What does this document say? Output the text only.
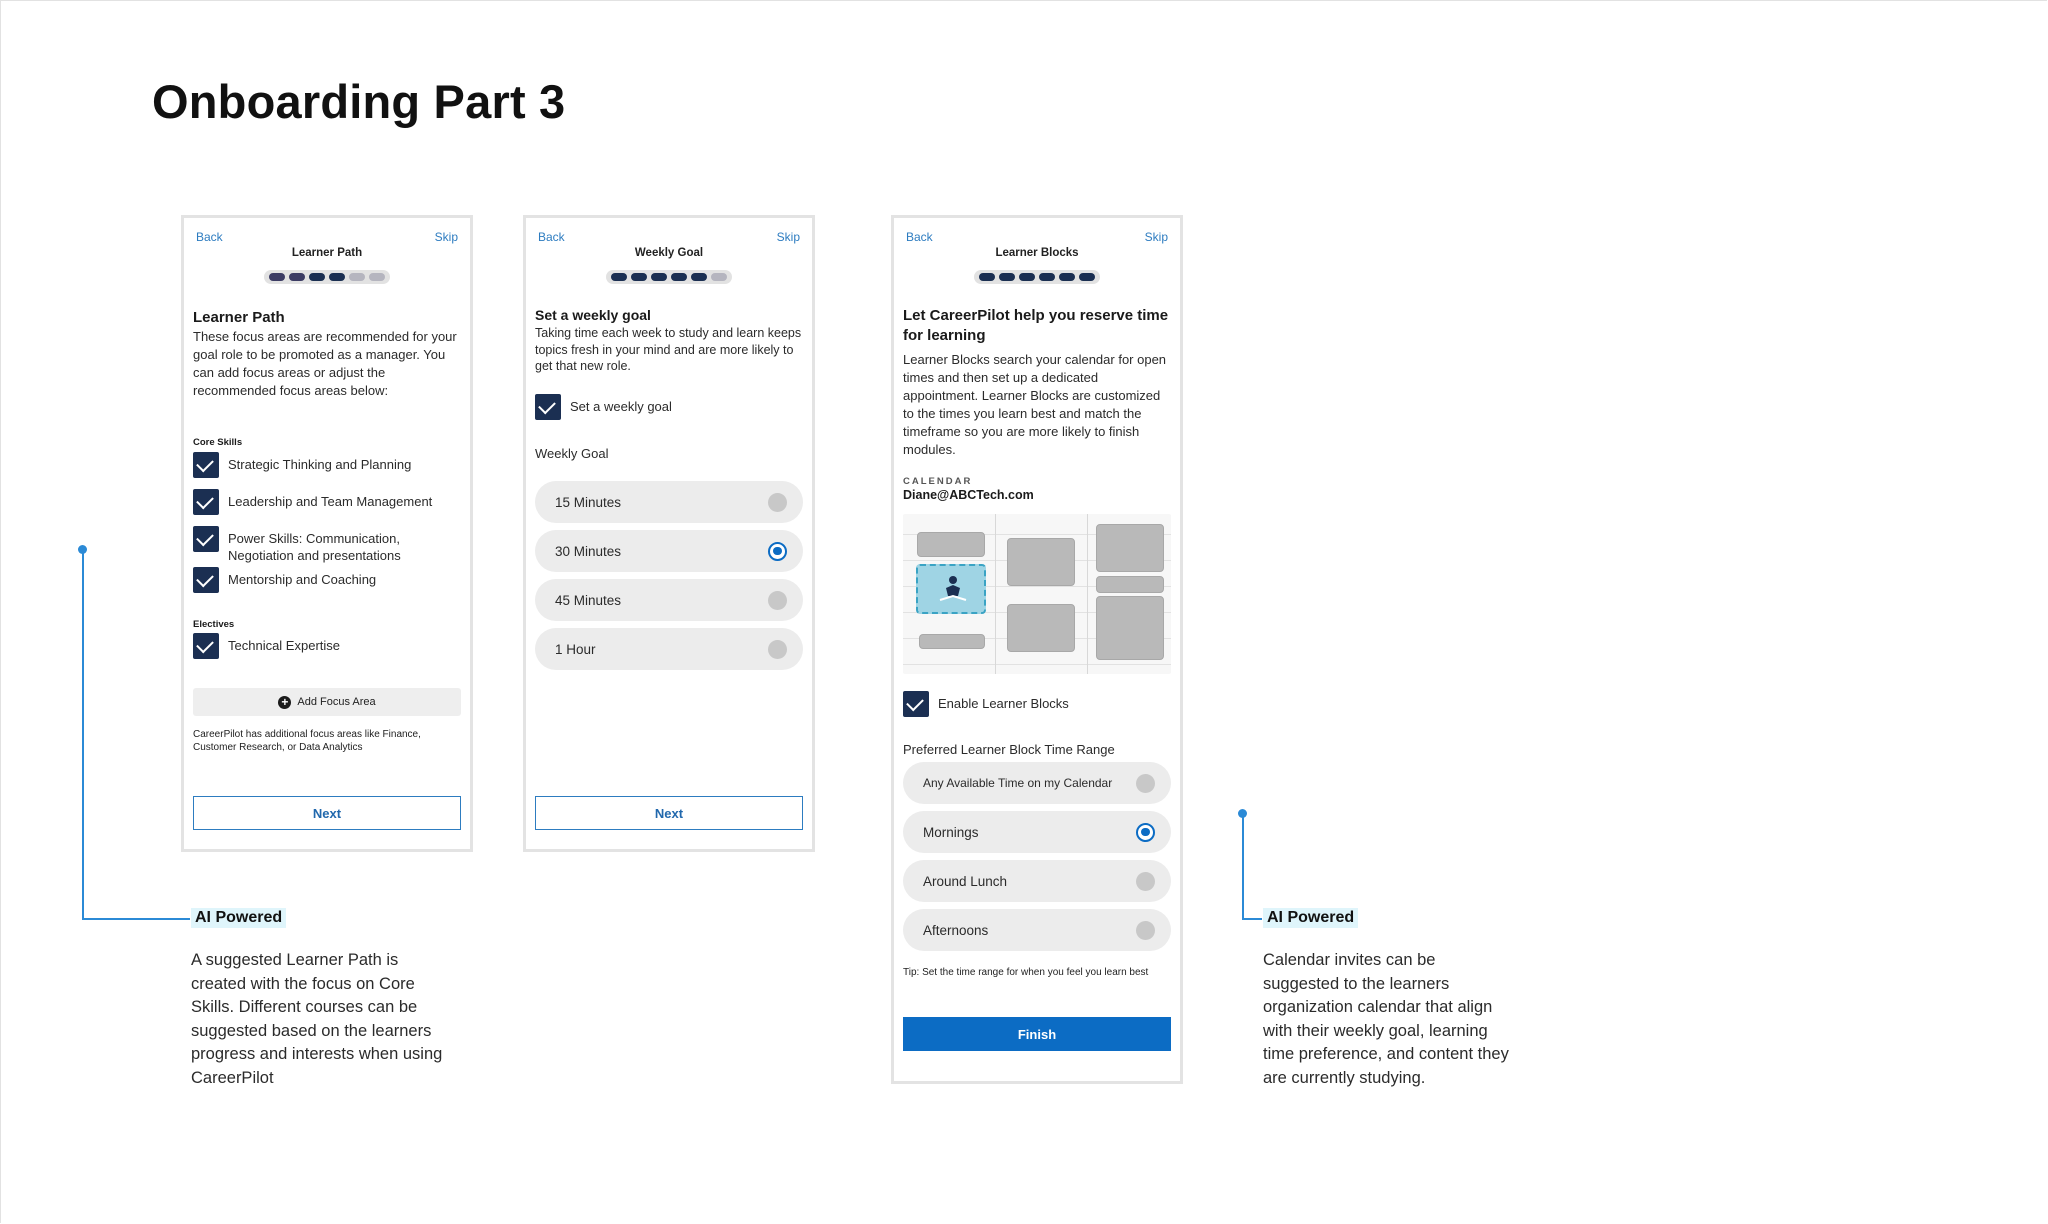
Onboarding Part 3
Back	Skip
Learner Path

Learner Path

These focus areas are recommended for your goal role to be promoted as a manager. You can add focus areas or adjust the recommended focus areas below:

Core Skills
Strategic Thinking and Planning
Leadership and Team Management
Power Skills: Communication, Negotiation and presentations
Mentorship and Coaching
Electives
Technical Expertise
+ Add Focus Area
CareerPilot has additional focus areas like Finance, Customer Research, or Data Analytics
Next
Back	Skip
Weekly Goal

Set a weekly goal

Taking time each week to study and learn keeps topics fresh in your mind and are more likely to get that new role.

Set a weekly goal
Weekly Goal
15 Minutes
30 Minutes
45 Minutes
1 Hour
Next
Back	Skip
Learner Blocks

Let CareerPilot help you reserve time for learning

Learner Blocks search your calendar for open times and then set up a dedicated appointment. Learner Blocks are customized to the times you learn best and match the timeframe so you are more likely to finish modules.

CALENDAR
Diane@ABCTech.com
Enable Learner Blocks
Preferred Learner Block Time Range
Any Available Time on my Calendar
Mornings
Around Lunch
Afternoons
Tip: Set the time range for when you feel you learn best
Finish
AI Powered
A suggested Learner Path is created with the focus on Core Skills. Different courses can be suggested based on the learners progress and interests when using CareerPilot
AI Powered
Calendar invites can be suggested to the learners organization calendar that align with their weekly goal, learning time preference, and content they are currently studying.
